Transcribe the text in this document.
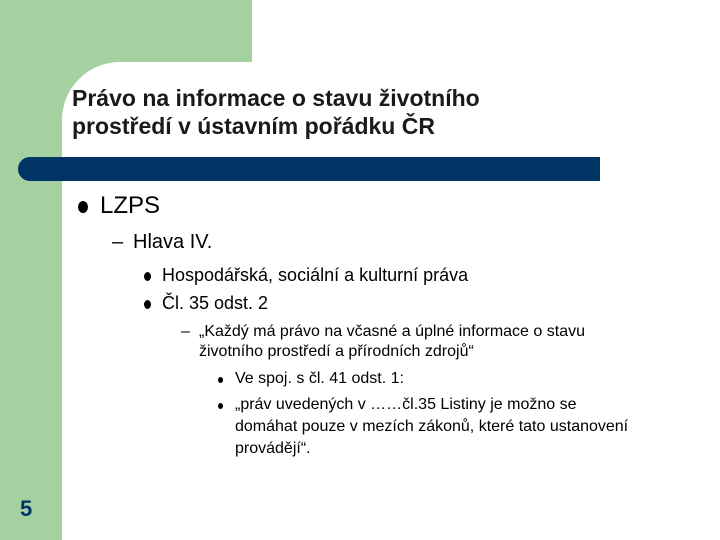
Právo na informace o stavu životního
prostředí v ústavním pořádku ČR
LZPS
– Hlava IV.
Hospodářská, sociální a kulturní práva
Čl. 35 odst. 2
– „Každý má právo na včasné a úplné informace o stavu životního prostředí a přírodních zdrojů“
Ve spoj. s čl. 41 odst. 1:
„práv uvedených v ……čl.35 Listiny je možno se domáhat pouze v mezích zákonů, které tato ustanovení provádějí“.
5
